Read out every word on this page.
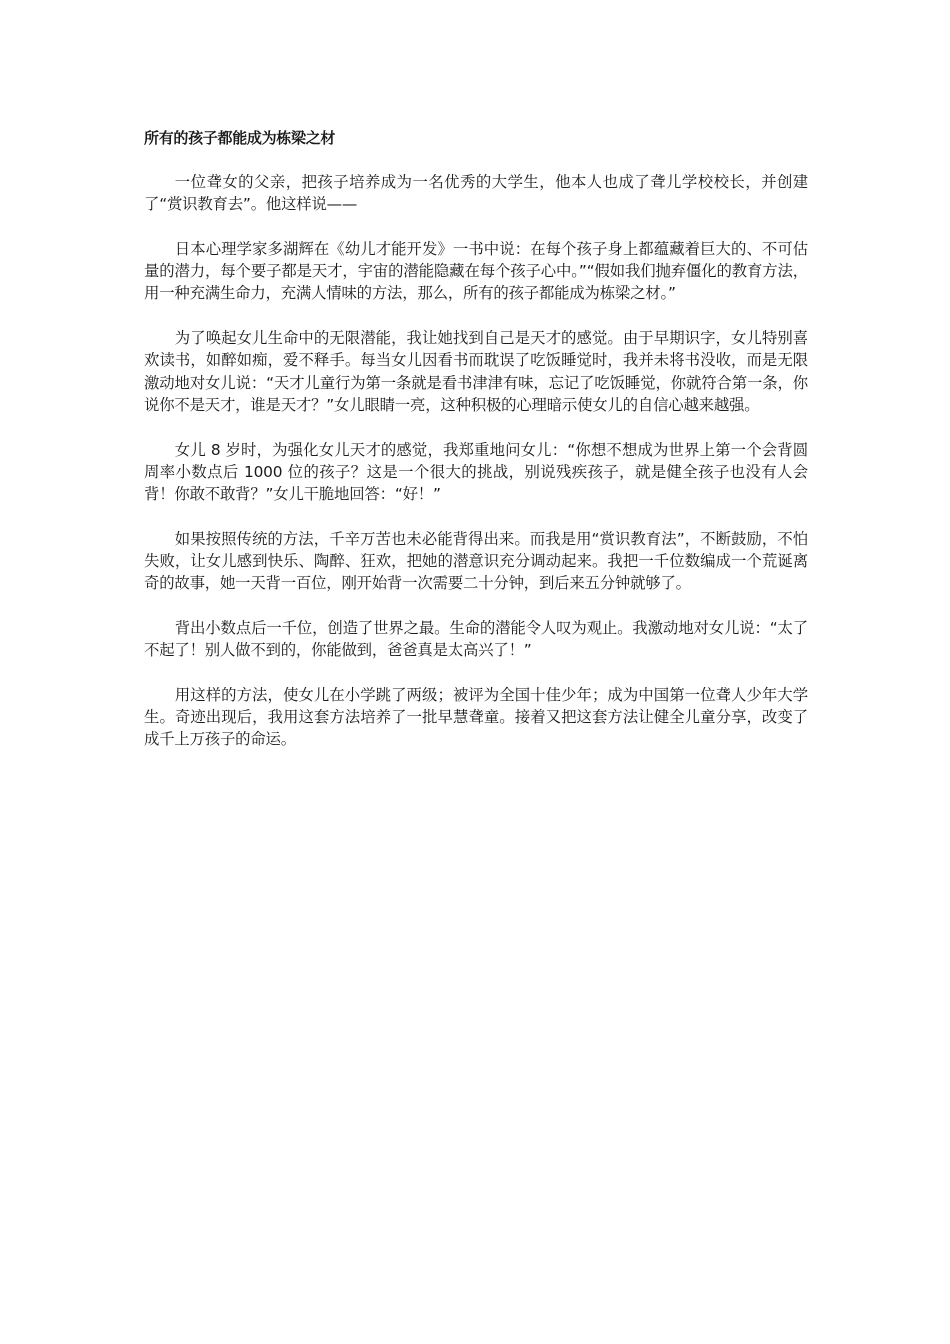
所有的孩子都能成为栋梁之材

一位聋女的父亲，把孩子培养成为一名优秀的大学生，他本人也成了聋儿学校校长，并创建了“赏识教育去”。他这样说——

日本心理学家多湖辉在《幼儿才能开发》一书中说：在每个孩子身上都蕴藏着巨大的、不可估量的潜力，每个要子都是天才，宇宙的潜能隐藏在每个孩子心中。”“假如我们抛弃僵化的教育方法，用一种充满生命力，充满人情味的方法，那么，所有的孩子都能成为栋梁之材。”

为了唤起女儿生命中的无限潜能，我让她找到自己是天才的感觉。由于早期识字，女儿特别喜欢读书，如醉如痴，爱不释手。每当女儿因看书而耽误了吃饭睡觉时，我并未将书没收，而是无限激动地对女儿说：“天才儿童行为第一条就是看书津津有味，忘记了吃饭睡觉，你就符合第一条，你说你不是天才，谁是天才？”女儿眼睛一亮，这种积极的心理暗示使女儿的自信心越来越强。

女儿 8 岁时，为强化女儿天才的感觉，我郑重地问女儿：“你想不想成为世界上第一个会背圆周率小数点后 1000 位的孩子？这是一个很大的挑战，别说残疾孩子，就是健全孩子也没有人会背！你敢不敢背？”女儿干脆地回答：“好！”

如果按照传统的方法，千辛万苦也未必能背得出来。而我是用“赏识教育法”，不断鼓励，不怕失败，让女儿感到快乐、陶醉、狂欢，把她的潜意识充分调动起来。我把一千位数编成一个荒诞离奇的故事，她一天背一百位，刚开始背一次需要二十分钟，到后来五分钟就够了。

背出小数点后一千位，创造了世界之最。生命的潜能令人叹为观止。我激动地对女儿说：“太了不起了！别人做不到的，你能做到，爸爸真是太高兴了！”

用这样的方法，使女儿在小学跳了两级；被评为全国十佳少年；成为中国第一位聋人少年大学生。奇迹出现后，我用这套方法培养了一批早慧聋童。接着又把这套方法让健全儿童分享，改变了成千上万孩子的命运。
